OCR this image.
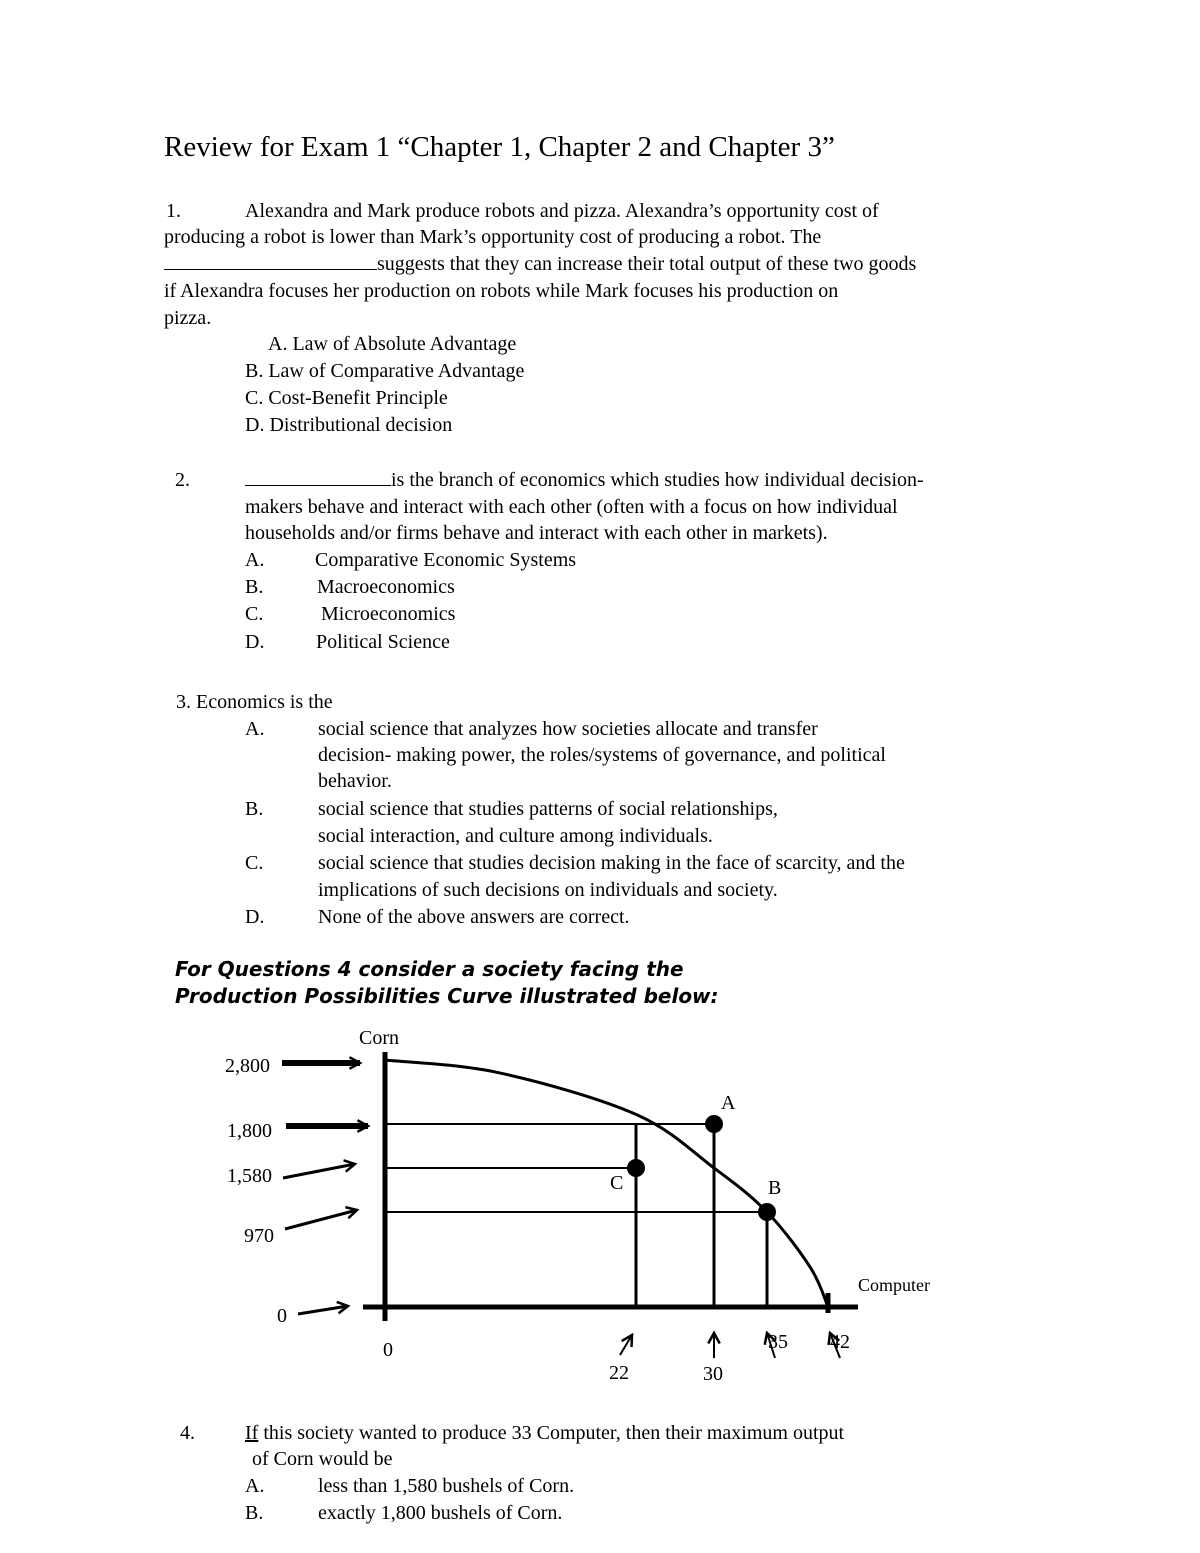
Review for Exam 1 “Chapter 1, Chapter 2 and Chapter 3”
1.	Alexandra and Mark produce robots and pizza. Alexandra’s opportunity cost of
producing a robot is lower than Mark’s opportunity cost of producing a robot. The
suggests that they can increase their total output of these two goods
if Alexandra focuses her production on robots while Mark focuses his production on
pizza.
A. Law of Absolute Advantage
B. Law of Comparative Advantage
C. Cost-Benefit Principle
D. Distributional decision
2.	is the branch of economics which studies how individual decision-
makers behave and interact with each other (often with a focus on how individual
households and/or firms behave and interact with each other in markets).
A.	Comparative Economic Systems
B.	Macroeconomics
C.	Microeconomics
D.	Political Science
3. Economics is the
A.	social science that analyzes how societies allocate and transfer
decision- making power, the roles/systems of governance, and political
behavior.
B.	social science that studies patterns of social relationships,
social interaction, and culture among individuals.
C.	social science that studies decision making in the face of scarcity, and the
implications of such decisions on individuals and society.
D.	None of the above answers are correct.
For Questions 4 consider a society facing the
Production Possibilities Curve illustrated below:
Corn
Computer
2,800
1,800
1,580
970
0
0
22	30
35 42
A
C	B
4.	If this society wanted to produce 33 Computer, then their maximum output
of Corn would be
A.	less than 1,580 bushels of Corn.
B.	exactly 1,800 bushels of Corn.
